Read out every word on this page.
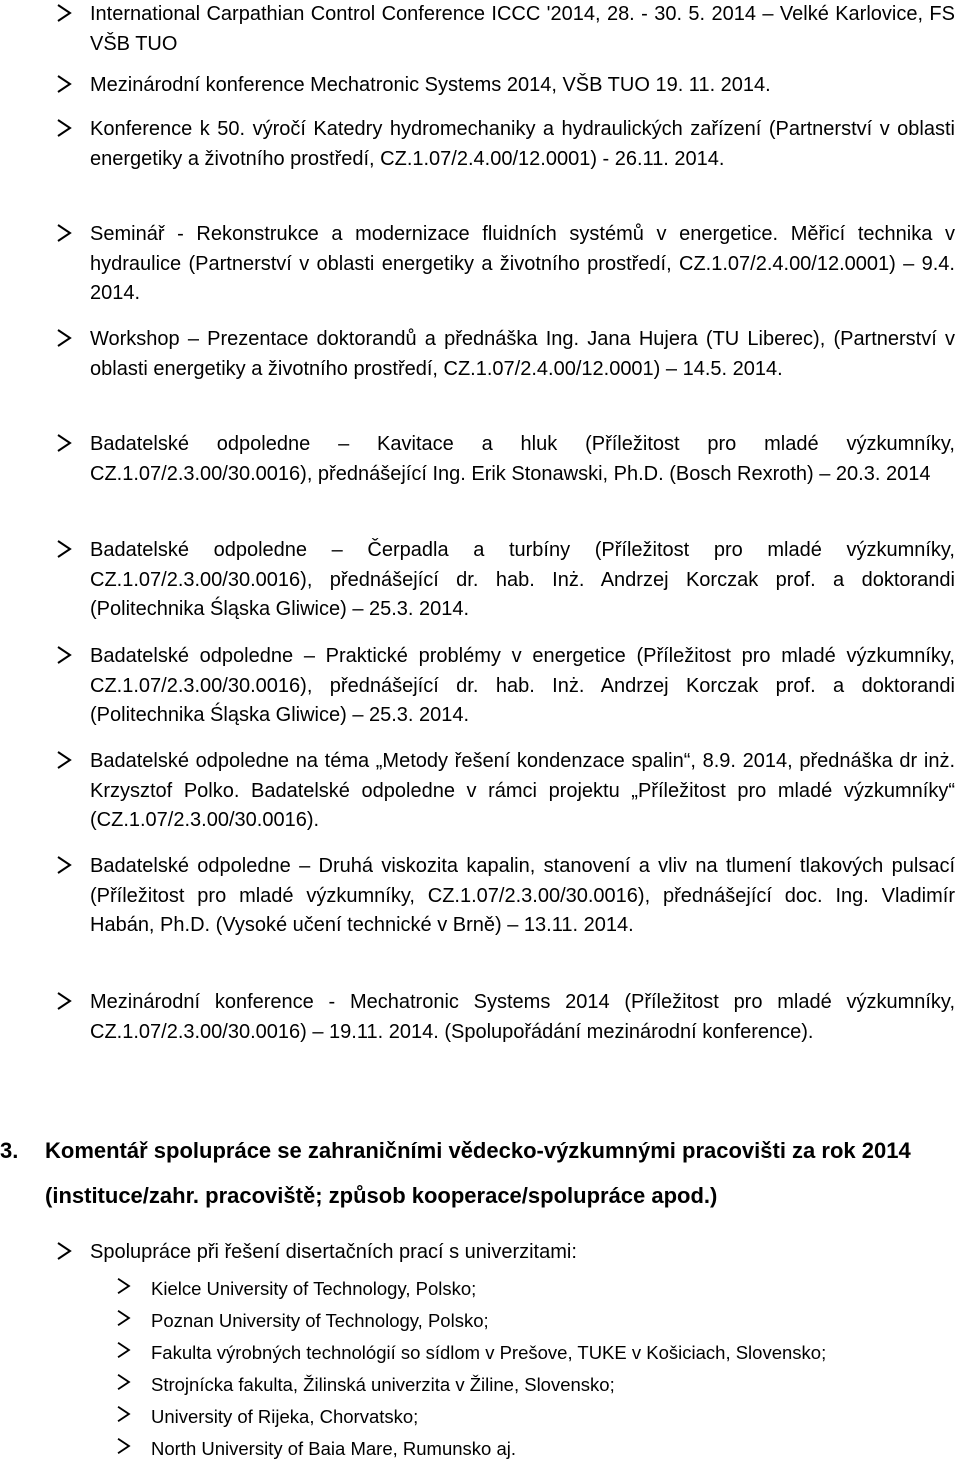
International Carpathian Control Conference ICCC '2014, 28. - 30. 5. 2014 – Velké Karlovice, FS VŠB TUO

Mezinárodní konference Mechatronic Systems 2014, VŠB TUO 19. 11. 2014.

Konference k 50. výročí Katedry hydromechaniky a hydraulických zařízení (Partnerství v oblasti energetiky a životního prostředí, CZ.1.07/2.4.00/12.0001) - 26.11. 2014.

Seminář - Rekonstrukce a modernizace fluidních systémů v energetice. Měřicí technika v hydraulice (Partnerství v oblasti energetiky a životního prostředí, CZ.1.07/2.4.00/12.0001) – 9.4. 2014.

Workshop – Prezentace doktorandů a přednáška Ing. Jana Hujera (TU Liberec), (Partnerství v oblasti energetiky a životního prostředí, CZ.1.07/2.4.00/12.0001) – 14.5. 2014.

Badatelské odpoledne – Kavitace a hluk (Příležitost pro mladé výzkumníky, CZ.1.07/2.3.00/30.0016), přednášející Ing. Erik Stonawski, Ph.D. (Bosch Rexroth) – 20.3. 2014

Badatelské odpoledne – Čerpadla a turbíny (Příležitost pro mladé výzkumníky, CZ.1.07/2.3.00/30.0016), přednášející dr. hab. Inż. Andrzej Korczak prof. a doktorandi (Politechnika Śląska Gliwice) – 25.3. 2014.

Badatelské odpoledne – Praktické problémy v energetice (Příležitost pro mladé výzkumníky, CZ.1.07/2.3.00/30.0016), přednášející dr. hab. Inż. Andrzej Korczak prof. a doktorandi (Politechnika Śląska Gliwice) – 25.3. 2014.

Badatelské odpoledne na téma „Metody řešení kondenzace spalin“, 8.9. 2014, přednáška dr inż. Krzysztof Polko. Badatelské odpoledne v rámci projektu „Příležitost pro mladé výzkumníky“ (CZ.1.07/2.3.00/30.0016).

Badatelské odpoledne – Druhá viskozita kapalin, stanovení a vliv na tlumení tlakových pulsací (Příležitost pro mladé výzkumníky, CZ.1.07/2.3.00/30.0016), přednášející doc. Ing. Vladimír Habán, Ph.D. (Vysoké učení technické v Brně) – 13.11. 2014.

Mezinárodní konference - Mechatronic Systems 2014 (Příležitost pro mladé výzkumníky, CZ.1.07/2.3.00/30.0016) – 19.11. 2014. (Spolupořádání mezinárodní konference).

3. Komentář spolupráce se zahraničními vědecko-výzkumnými pracovišti za rok 2014 (instituce/zahr. pracoviště; způsob kooperace/spolupráce apod.)

Spolupráce při řešení disertačních prací s univerzitami:

Kielce University of Technology, Polsko;

Poznan University of Technology, Polsko;

Fakulta výrobných technológií so sídlom v Prešove, TUKE v Košiciach, Slovensko;

Strojnícka fakulta, Žilinská univerzita v Žiline, Slovensko;

University of Rijeka, Chorvatsko;

North University of Baia Mare, Rumunsko aj.
